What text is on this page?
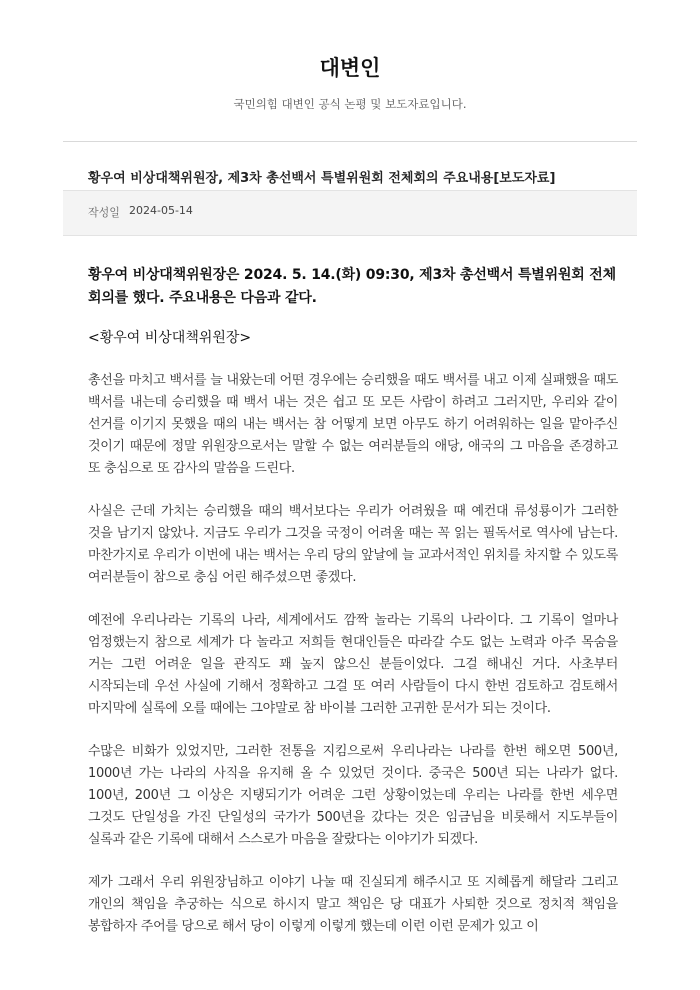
대변인
국민의힘 대변인 공식 논평 및 보도자료입니다.
황우여 비상대책위원장, 제3차 총선백서 특별위원회 전체회의 주요내용[보도자료]
작성일 2024-05-14

황우여 비상대책위원장은 2024. 5. 14.(화) 09:30, 제3차 총선백서 특별위원회 전체회의를 했다. 주요내용은 다음과 같다.

<황우여 비상대책위원장>

총선을 마치고 백서를 늘 내왔는데 어떤 경우에는 승리했을 때도 백서를 내고 이제 실패했을 때도 백서를 내는데 승리했을 때 백서 내는 것은 쉽고 또 모든 사람이 하려고 그러지만, 우리와 같이 선거를 이기지 못했을 때의 내는 백서는 참 어떻게 보면 아무도 하기 어려워하는 일을 맡아주신 것이기 때문에 정말 위원장으로서는 말할 수 없는 여러분들의 애당, 애국의 그 마음을 존경하고 또 충심으로 또 감사의 말씀을 드린다.

사실은 근데 가치는 승리했을 때의 백서보다는 우리가 어려웠을 때 예컨대 류성룡이가 그러한 것을 남기지 않았나. 지금도 우리가 그것을 국정이 어려울 때는 꼭 읽는 필독서로 역사에 남는다. 마찬가지로 우리가 이번에 내는 백서는 우리 당의 앞날에 늘 교과서적인 위치를 차지할 수 있도록 여러분들이 참으로 충심 어린 해주셨으면 좋겠다.

예전에 우리나라는 기록의 나라, 세계에서도 깜짝 놀라는 기록의 나라이다. 그 기록이 얼마나 엄정했는지 참으로 세계가 다 놀라고 저희들 현대인들은 따라갈 수도 없는 노력과 아주 목숨을 거는 그런 어려운 일을 관직도 꽤 높지 않으신 분들이었다. 그걸 해내신 거다. 사초부터 시작되는데 우선 사실에 기해서 정확하고 그걸 또 여러 사람들이 다시 한번 검토하고 검토해서 마지막에 실록에 오를 때에는 그야말로 참 바이블 그러한 고귀한 문서가 되는 것이다.

수많은 비화가 있었지만, 그러한 전통을 지킴으로써 우리나라는 나라를 한번 해오면 500년, 1000년 가는 나라의 사직을 유지해 올 수 있었던 것이다. 중국은 500년 되는 나라가 없다. 100년, 200년 그 이상은 지탱되기가 어려운 그런 상황이었는데 우리는 나라를 한번 세우면 그것도 단일성을 가진 단일성의 국가가 500년을 갔다는 것은 임금님을 비롯해서 지도부들이 실록과 같은 기록에 대해서 스스로가 마음을 잘랐다는 이야기가 되겠다.

제가 그래서 우리 위원장님하고 이야기 나눌 때 진실되게 해주시고 또 지혜롭게 해달라 그리고 개인의 책임을 추궁하는 식으로 하시지 말고 책임은 당 대표가 사퇴한 것으로 정치적 책임을 봉합하자 주어를 당으로 해서 당이 이렇게 이렇게 했는데 이런 이런 문제가 있고 이
